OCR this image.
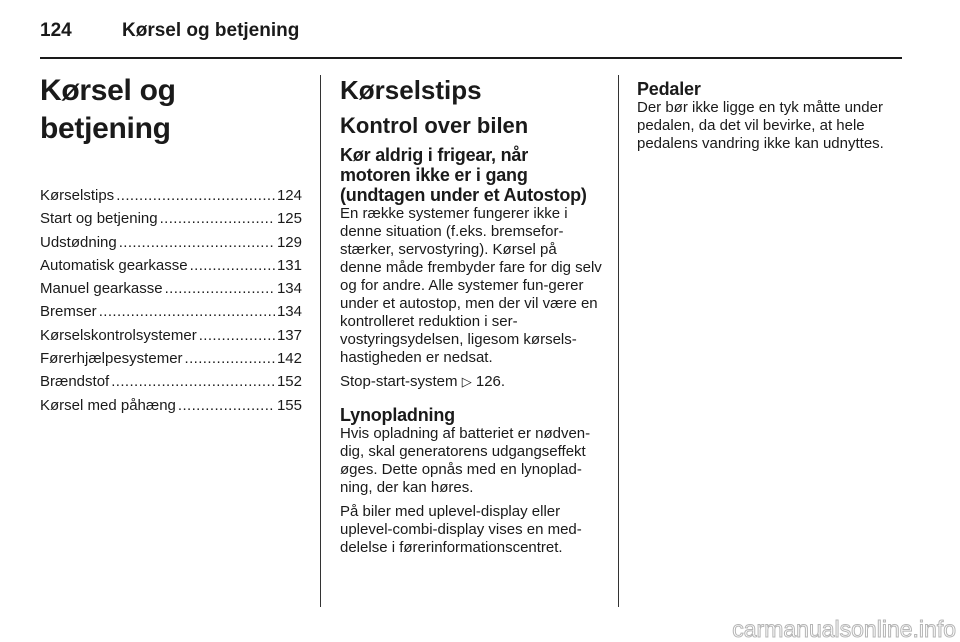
124	Kørsel og betjening
Kørsel og betjening
Kørselstips .....	124
Start og betjening .....	125
Udstødning .....	129
Automatisk gearkasse .....	131
Manuel gearkasse .....	134
Bremser .....	134
Kørselskontrolsystemer .....	137
Førerhjælpesystemer .....	142
Brændstof .....	152
Kørsel med påhæng .....	155
Kørselstips
Kontrol over bilen

Kør aldrig i frigear, når motoren ikke er i gang (undtagen under et Autostop)

En række systemer fungerer ikke i denne situation (f.eks. bremsefor-stærker, servostyring). Kørsel på denne måde frembyder fare for dig selv og for andre. Alle systemer fun-gerer under et autostop, men der vil være en kontrolleret reduktion i ser-vostyringsydelsen, ligesom kørsels-hastigheden er nedsat.

Stop-start-system ▷ 126.

Lynopladning

Hvis opladning af batteriet er nødven-dig, skal generatorens udgangseffekt øges. Dette opnås med en lynoplad-ning, der kan høres.

På biler med uplevel-display eller uplevel-combi-display vises en med-delelse i førerinformationscentret.

Pedaler

Der bør ikke ligge en tyk måtte under pedalen, da det vil bevirke, at hele pedalens vandring ikke kan udnyttes.

carmanualsonline.info
